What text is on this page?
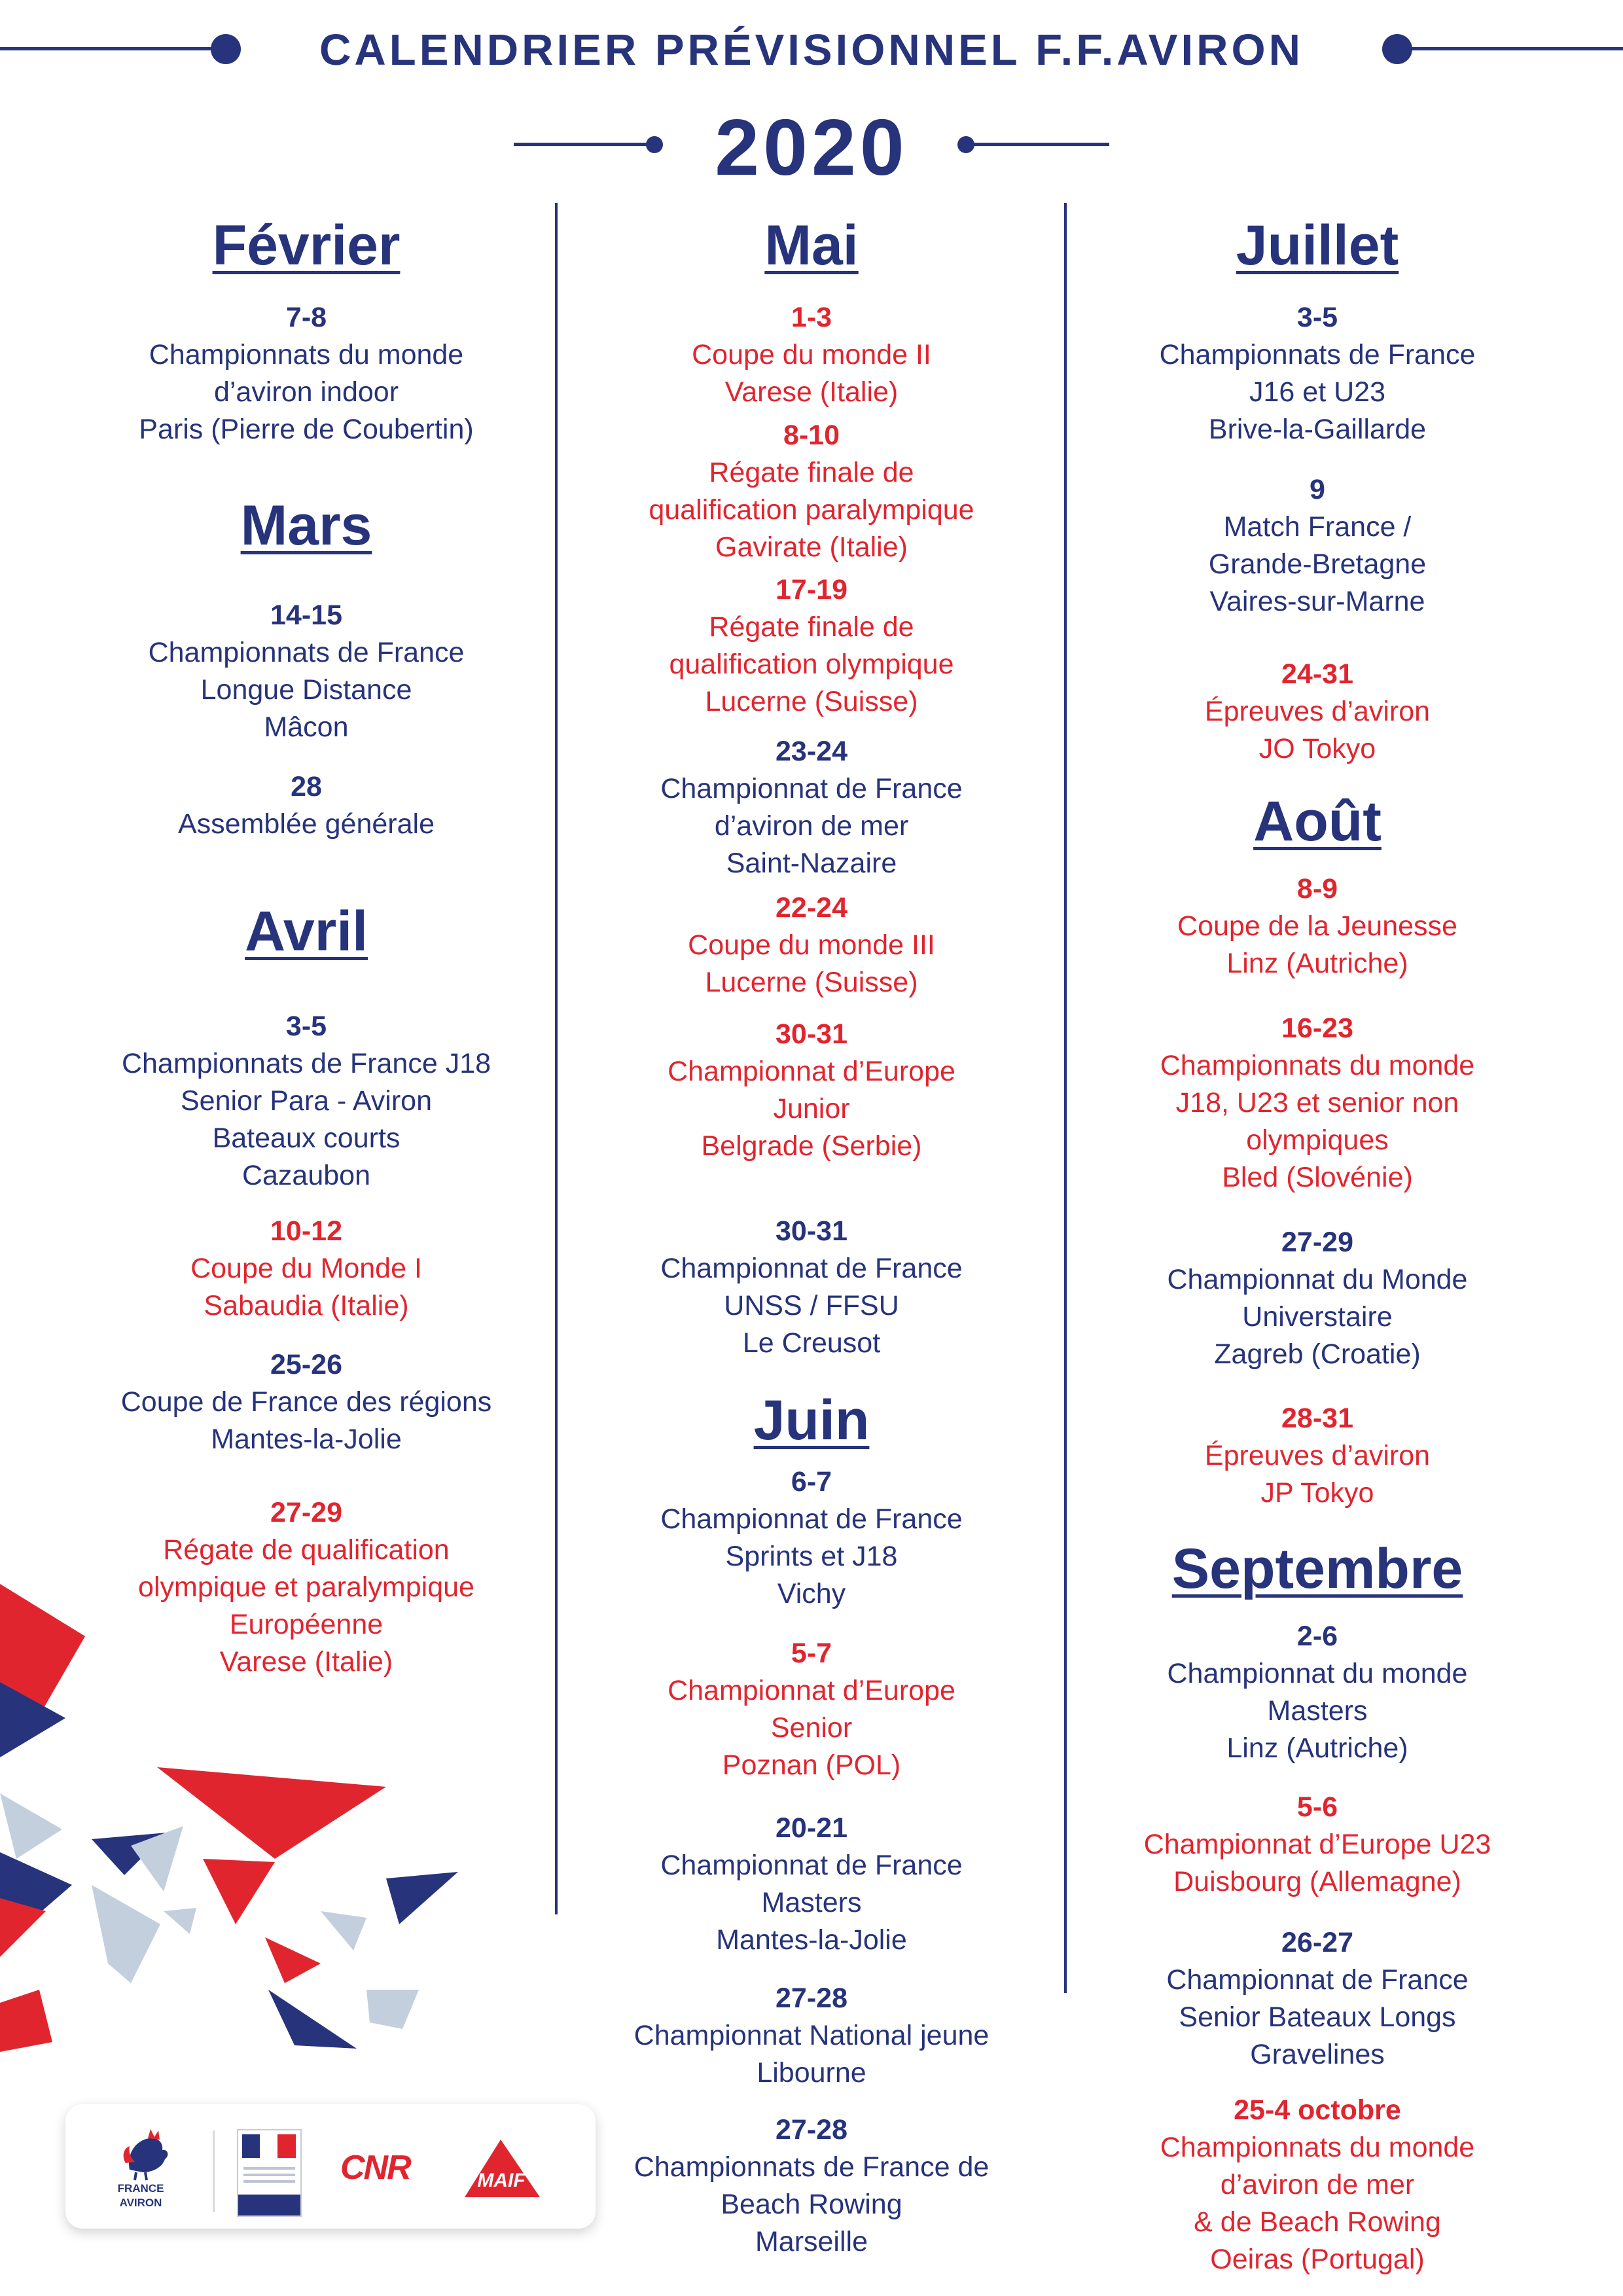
CALENDRIER PRÉVISIONNEL F.F.AVIRON
2020
Février
7-8
Championnats du monde
d’aviron indoor
Paris (Pierre de Coubertin)
Mars
14-15
Championnats de France
Longue Distance
Mâcon
28
Assemblée générale
Avril
3-5
Championnats de France J18
Senior Para - Aviron
Bateaux courts
Cazaubon
10-12
Coupe du Monde I
Sabaudia (Italie)
25-26
Coupe de France des régions
Mantes-la-Jolie
27-29
Régate de qualification
olympique et paralympique
Européenne
Varese (Italie)
Mai
1-3
Coupe du monde II
Varese (Italie)
8-10
Régate finale de
qualification paralympique
Gavirate (Italie)
17-19
Régate finale de
qualification olympique
Lucerne (Suisse)
23-24
Championnat de France
d’aviron de mer
Saint-Nazaire
22-24
Coupe du monde III
Lucerne (Suisse)
30-31
Championnat d’Europe
Junior
Belgrade (Serbie)
30-31
Championnat de France
UNSS / FFSU
Le Creusot
Juin
6-7
Championnat de France
Sprints et J18
Vichy
5-7
Championnat d’Europe
Senior
Poznan (POL)
20-21
Championnat de France
Masters
Mantes-la-Jolie
27-28
Championnat National jeune
Libourne
27-28
Championnats de France de
Beach Rowing
Marseille
Juillet
3-5
Championnats de France
J16 et U23
Brive-la-Gaillarde
9
Match France /
Grande-Bretagne
Vaires-sur-Marne
24-31
Épreuves d’aviron
JO Tokyo
Août
8-9
Coupe de la Jeunesse
Linz (Autriche)
16-23
Championnats du monde
J18, U23 et senior non
olympiques
Bled (Slovénie)
27-29
Championnat du Monde
Universtaire
Zagreb (Croatie)
28-31
Épreuves d’aviron
JP Tokyo
Septembre
2-6
Championnat du monde
Masters
Linz (Autriche)
5-6
Championnat d’Europe U23
Duisbourg (Allemagne)
26-27
Championnat de France
Senior Bateaux Longs
Gravelines
25-4 octobre
Championnats du monde
d’aviron de mer
& de Beach Rowing
Oeiras (Portugal)
FRANCE
AVIRON
CNR	MAIF
